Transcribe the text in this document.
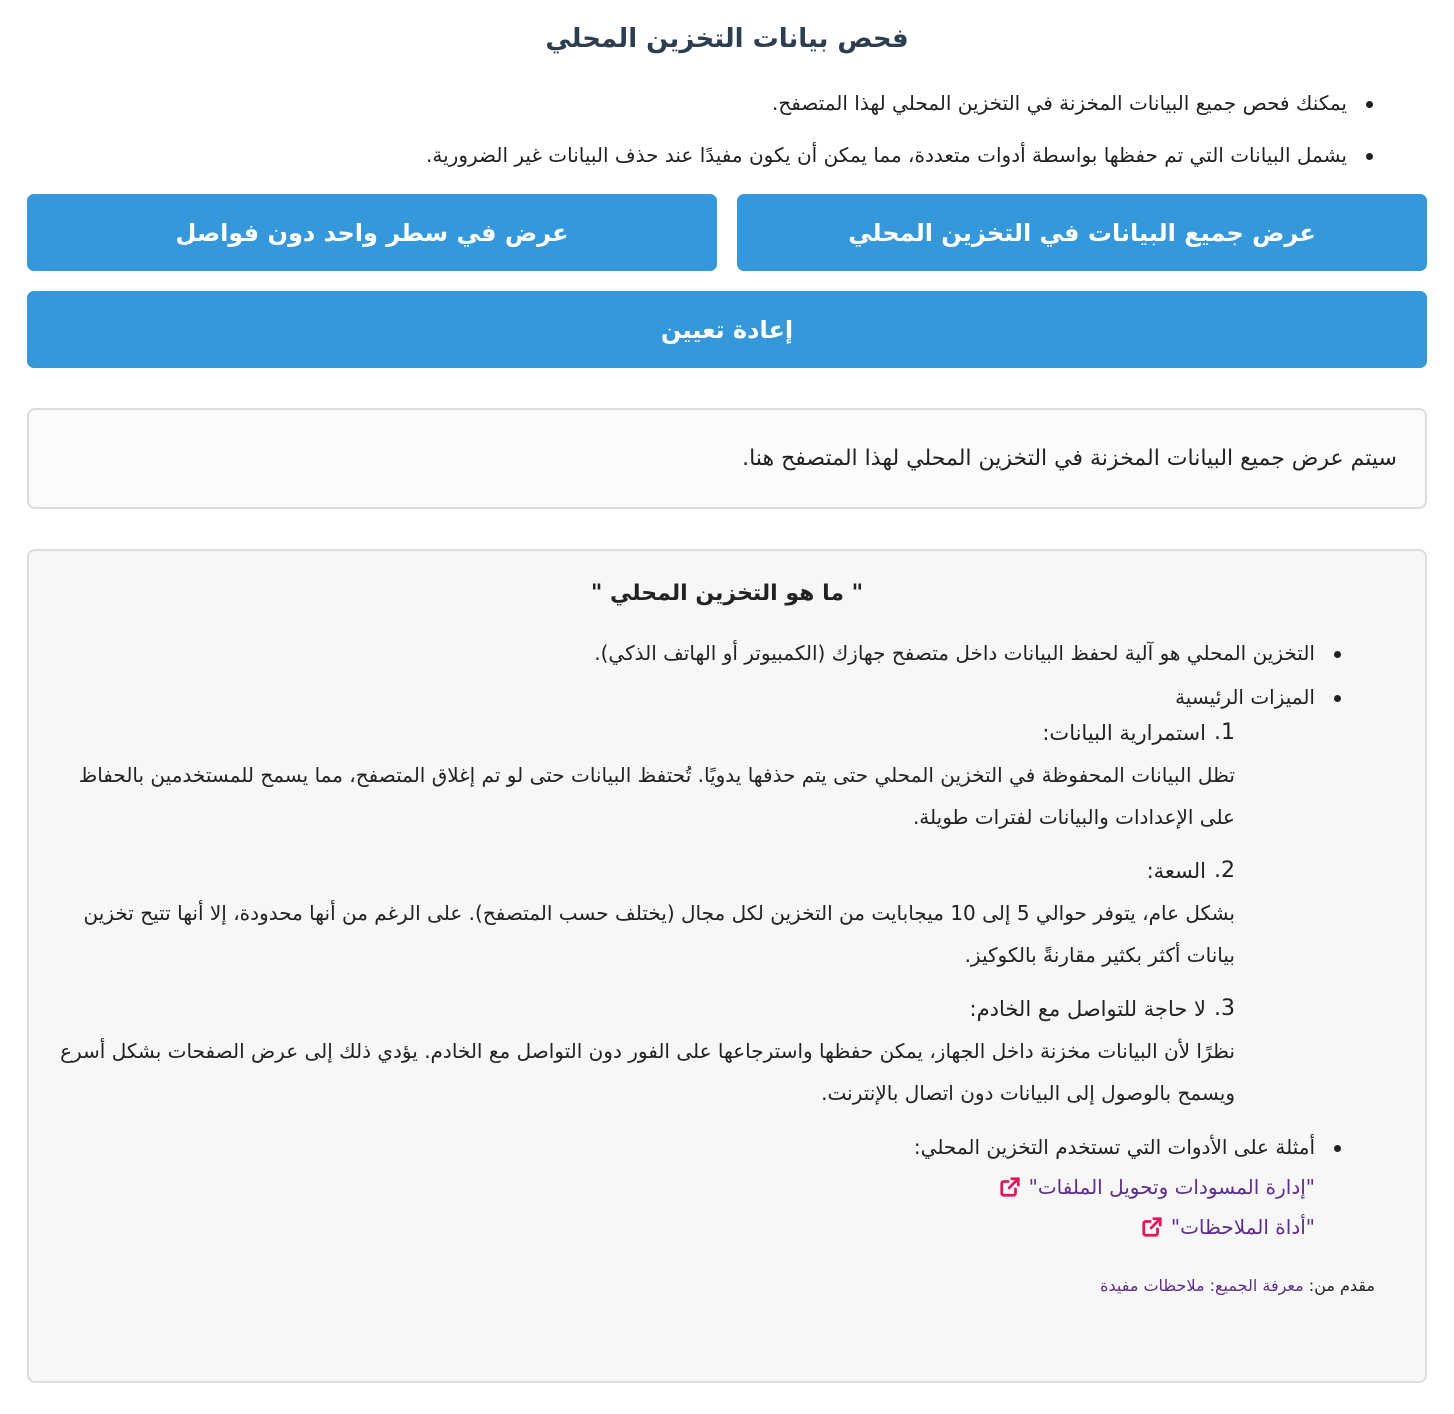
فحص بيانات التخزين المحلي
يمكنك فحص جميع البيانات المخزنة في التخزين المحلي لهذا المتصفح.
يشمل البيانات التي تم حفظها بواسطة أدوات متعددة، مما يمكن أن يكون مفيدًا عند حذف البيانات غير الضرورية.
عرض جميع البيانات في التخزين المحلي
عرض في سطر واحد دون فواصل
إعادة تعيين
سيتم عرض جميع البيانات المخزنة في التخزين المحلي لهذا المتصفح هنا.
" ما هو التخزين المحلي "
التخزين المحلي هو آلية لحفظ البيانات داخل متصفح جهازك (الكمبيوتر أو الهاتف الذكي).
الميزات الرئيسية
1.
استمرارية البيانات:
تظل البيانات المحفوظة في التخزين المحلي حتى يتم حذفها يدويًا. تُحتفظ البيانات حتى لو تم إغلاق المتصفح، مما يسمح للمستخدمين بالحفاظ على الإعدادات والبيانات لفترات طويلة.
2.
السعة:
بشكل عام، يتوفر حوالي 5 إلى 10 ميجابايت من التخزين لكل مجال (يختلف حسب المتصفح). على الرغم من أنها محدودة، إلا أنها تتيح تخزين بيانات أكثر بكثير مقارنةً بالكوكيز.
3.
لا حاجة للتواصل مع الخادم:
نظرًا لأن البيانات مخزنة داخل الجهاز، يمكن حفظها واسترجاعها على الفور دون التواصل مع الخادم. يؤدي ذلك إلى عرض الصفحات بشكل أسرع ويسمح بالوصول إلى البيانات دون اتصال بالإنترنت.
أمثلة على الأدوات التي تستخدم التخزين المحلي:
"إدارة المسودات وتحويل الملفات"
"أداة الملاحظات"
مقدم من: معرفة الجميع: ملاحظات مفيدة
